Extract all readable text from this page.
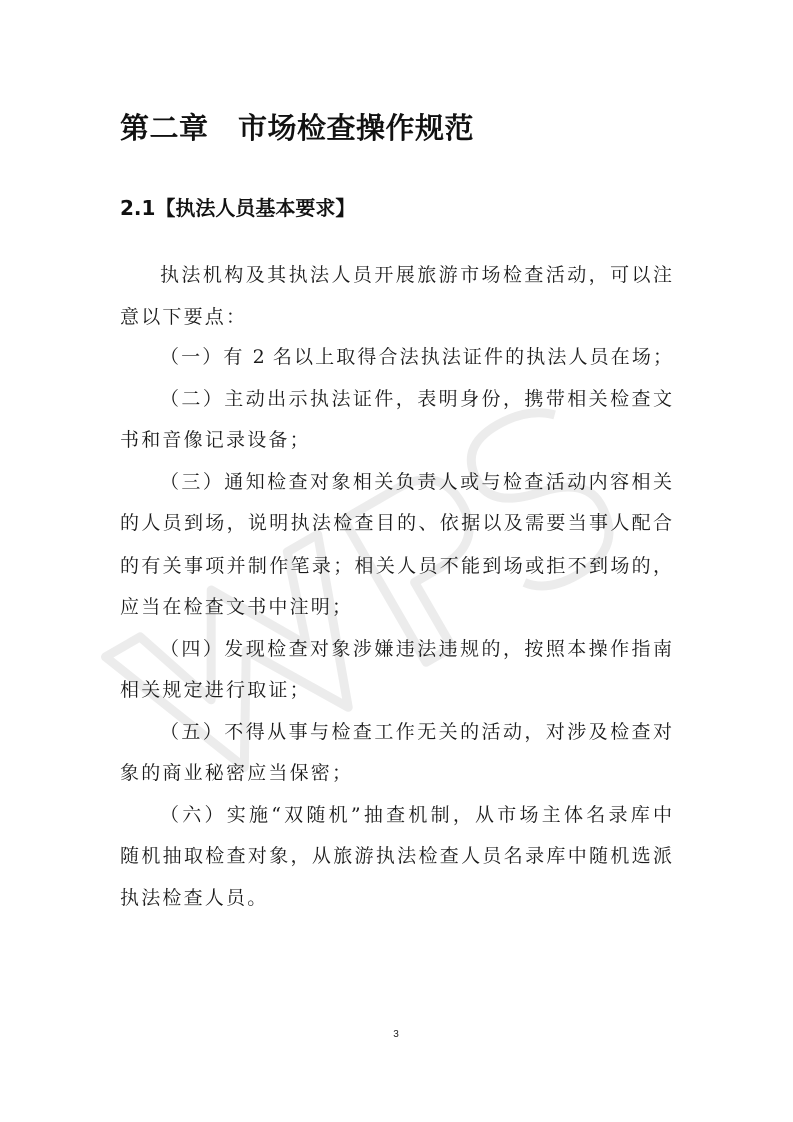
第二章　市场检查操作规范
2.1【执法人员基本要求】
执法机构及其执法人员开展旅游市场检查活动，可以注
意以下要点：
（一）有 2 名以上取得合法执法证件的执法人员在场；
（二）主动出示执法证件，表明身份，携带相关检查文
书和音像记录设备；
（三）通知检查对象相关负责人或与检查活动内容相关
的人员到场，说明执法检查目的、依据以及需要当事人配合
的有关事项并制作笔录；相关人员不能到场或拒不到场的，
应当在检查文书中注明；
（四）发现检查对象涉嫌违法违规的，按照本操作指南
相关规定进行取证；
（五）不得从事与检查工作无关的活动，对涉及检查对
象的商业秘密应当保密；
（六）实施“双随机”抽查机制，从市场主体名录库中
随机抽取检查对象，从旅游执法检查人员名录库中随机选派
执法检查人员。
3
